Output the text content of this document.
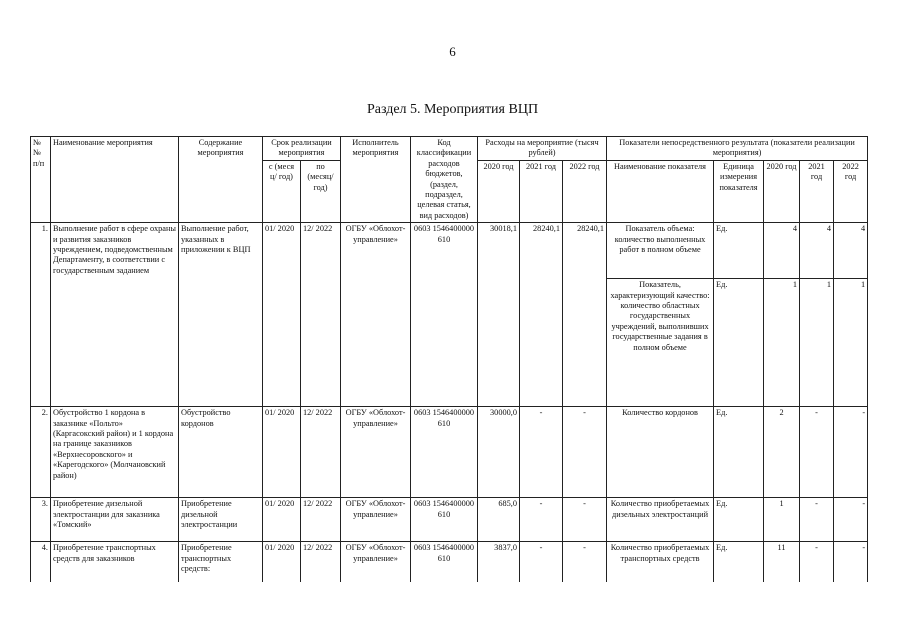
6
Раздел 5. Мероприятия ВЦП
№№ п/п	Наименование мероприятия	Содержание мероприятия	Срок реализации мероприятия		Исполнитель мероприятия	Код классификации расходов бюджетов, (раздел, подраздел, целевая статья, вид расходов)	Расходы на мероприятие (тысяч рублей)			Показатели непосредственного результата (показатели реализации мероприятия)				
			с (меся ц/ год)	по (месяц/ год)			2020 год	2021 год	2022 год	Наименование показателя	Единица измерения показателя	2020 год	2021 год	2022 год

1.	Выполнение работ в сфере охраны и развития заказников учреждением, подведомственным Департаменту, в соответствии с государственным заданием	Выполнение работ, указанных в приложении к ВЦП	01/ 2020	12/ 2022	ОГБУ «Облохот-управление»	0603 1546400000 610	30018,1	28240,1	28240,1	Показатель объема: количество выполненных работ в полном объеме	Ед.	4	4	4
										Показатель, характеризующий качество: количество областных государственных учреждений, выполнивших государственные задания в полном объеме	Ед.	1	1	1
2.	Обустройство 1 кордона в заказнике «Польто» (Каргасокский район) и 1 кордона на границе заказников «Верхнесоровского» и «Карегодского» (Молчановский район)	Обустройство кордонов	01/ 2020	12/ 2022	ОГБУ «Облохот-управление»	0603 1546400000 610	30000,0	-	-	Количество кордонов	Ед.	2	-	-
3.	Приобретение дизельной электростанции для заказника «Томский»	Приобретение дизельной электростанции	01/ 2020	12/ 2022	ОГБУ «Облохот-управление»	0603 1546400000 610	685,0	-	-	Количество приобретаемых дизельных электростанций	Ед.	1	-	-
4.	Приобретение транспортных средств для заказников	Приобретение транспортных средств:	01/ 2020	12/ 2022	ОГБУ «Облохот-управление»	0603 1546400000 610	3837,0	-	-	Количество приобретаемых транспортных средств	Ед.	11	-	-
